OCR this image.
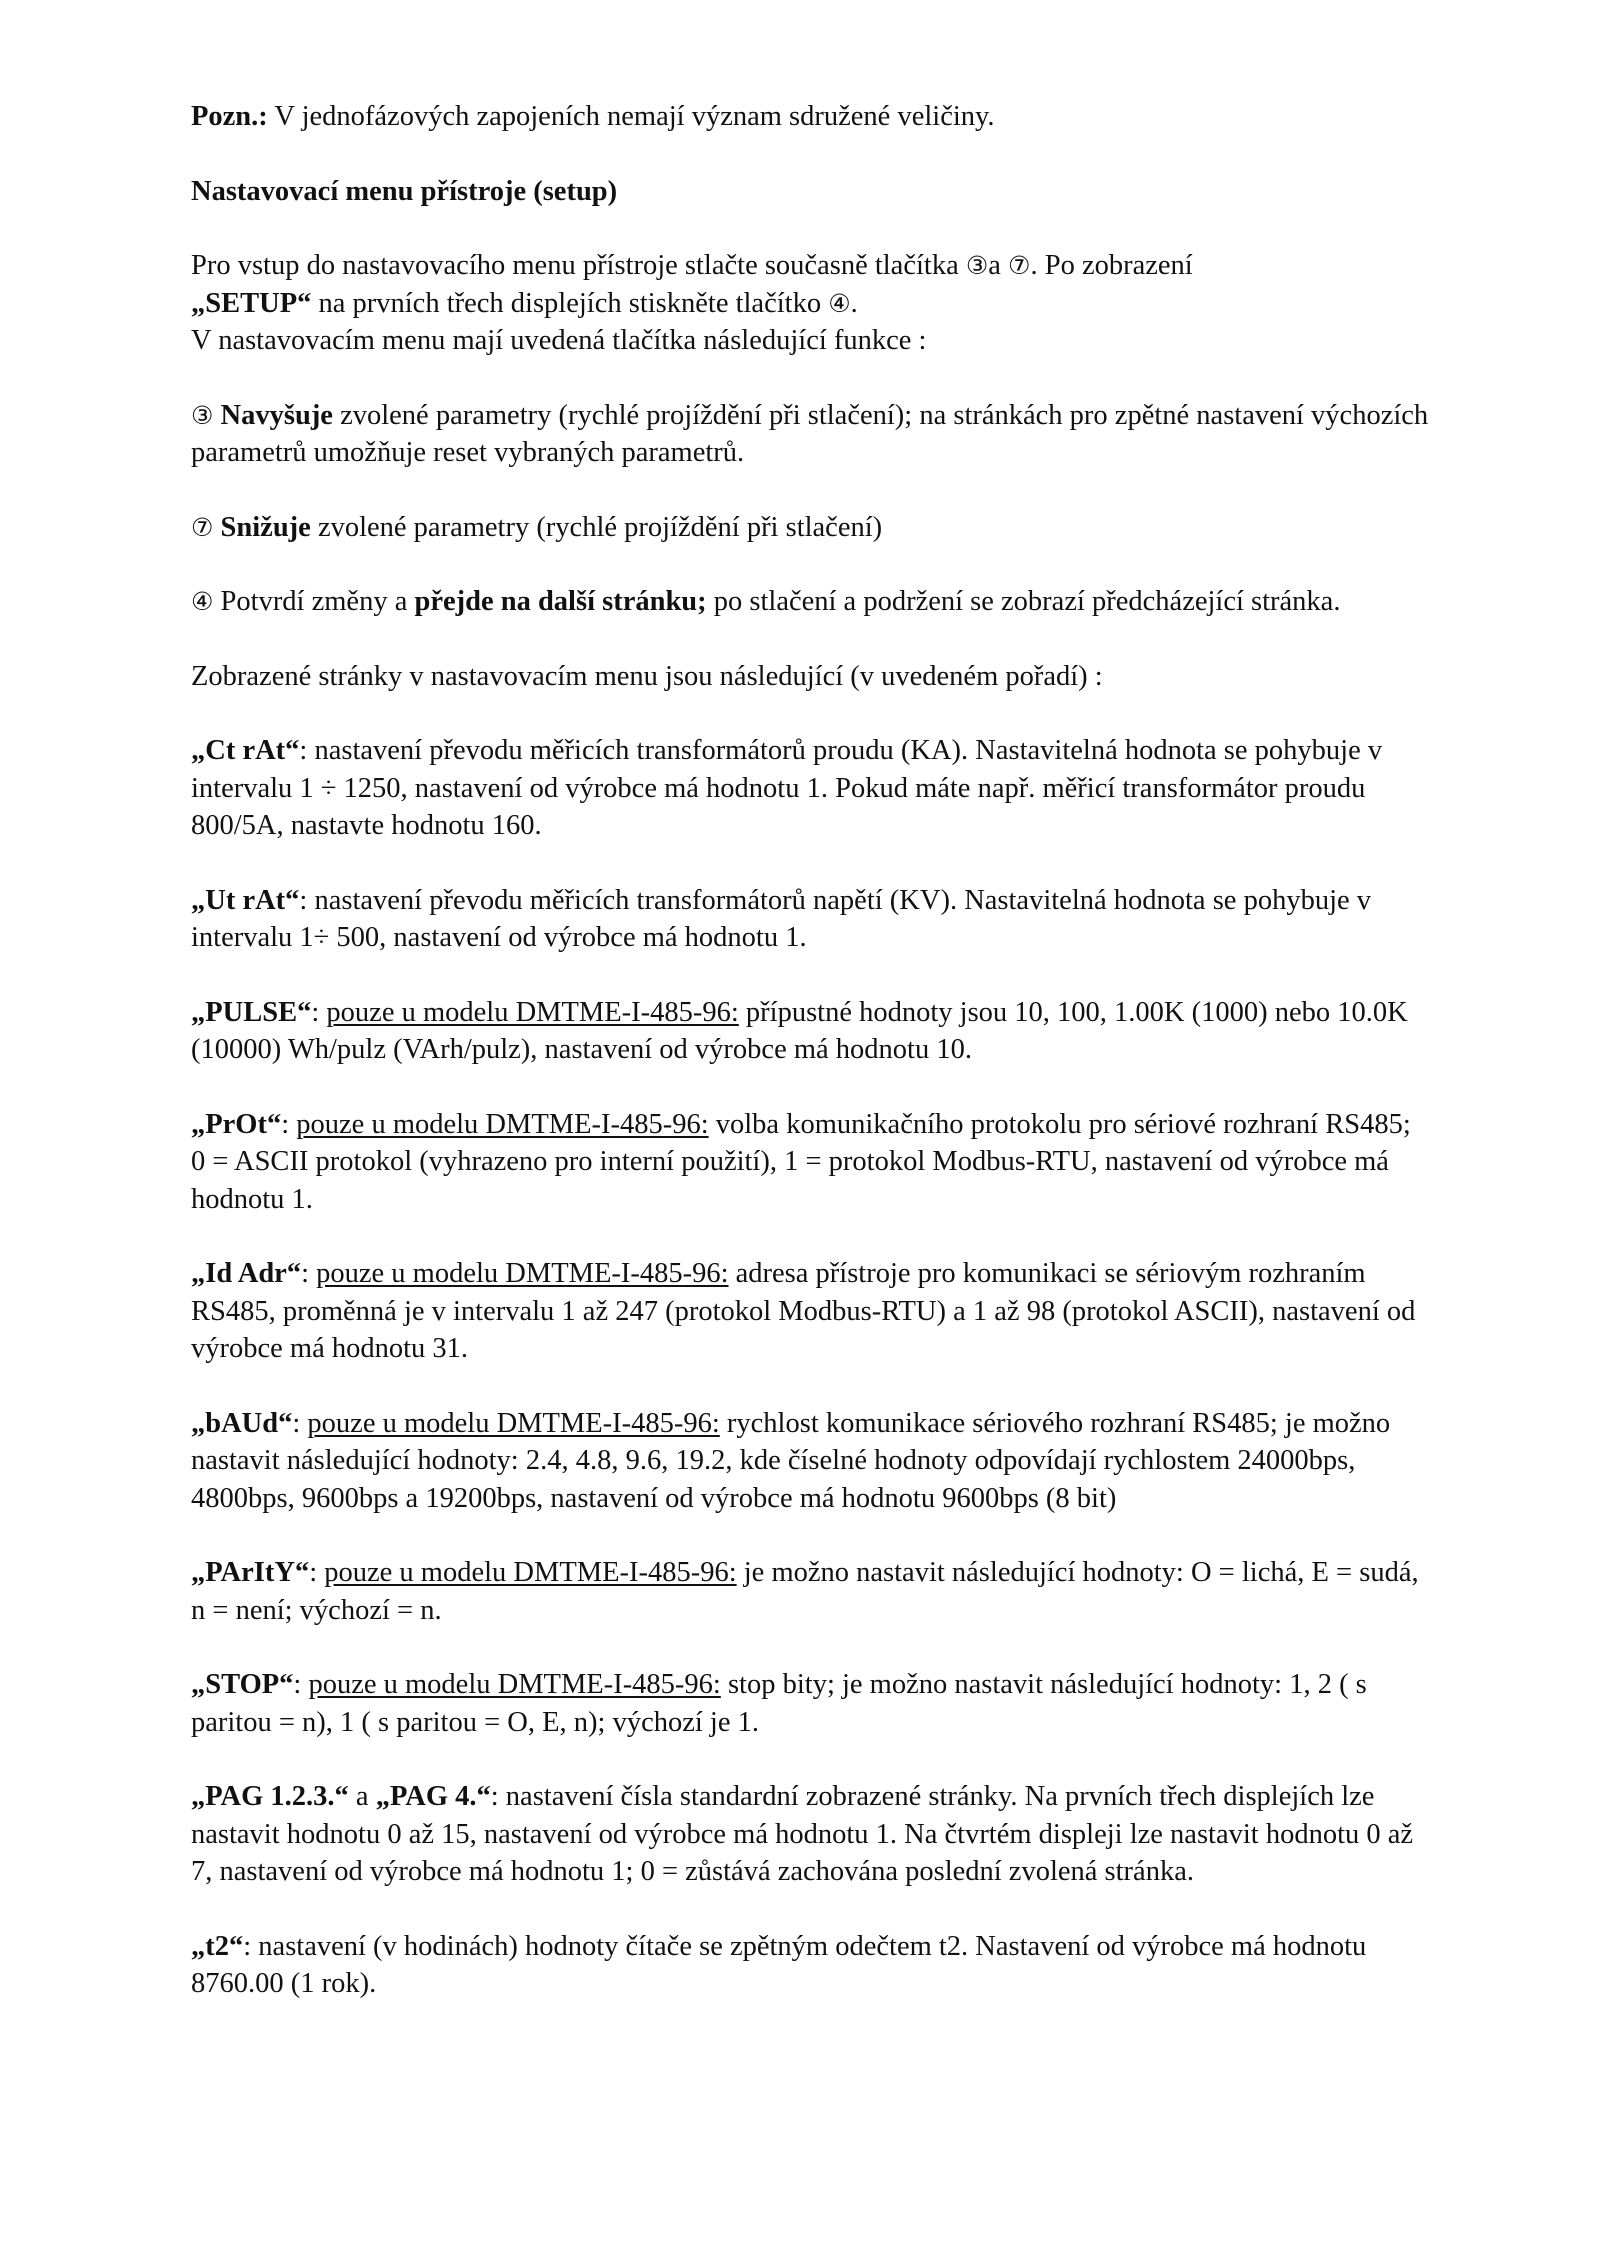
Pozn.: V jednofázových zapojeních nemají význam sdružené veličiny.

Nastavovací menu přístroje (setup)

Pro vstup do nastavovacího menu přístroje stlačte současně tlačítka ③a ⑦. Po zobrazení
„SETUP“ na prvních třech displejích stiskněte tlačítko ④.
V nastavovacím menu mají uvedená tlačítka následující funkce :

③ Navyšuje zvolené parametry (rychlé projíždění při stlačení); na stránkách pro zpětné nastavení výchozích parametrů umožňuje reset vybraných parametrů.

⑦ Snižuje zvolené parametry (rychlé projíždění při stlačení)

④ Potvrdí změny a přejde na další stránku; po stlačení a podržení se zobrazí předcházející stránka.

Zobrazené stránky v nastavovacím menu jsou následující (v uvedeném pořadí) :

„Ct rAt“: nastavení převodu měřicích transformátorů proudu (KA). Nastavitelná hodnota se pohybuje v intervalu 1 ÷ 1250, nastavení od výrobce má hodnotu 1. Pokud máte např. měřicí transformátor proudu 800/5A, nastavte hodnotu 160.

„Ut rAt“: nastavení převodu měřicích transformátorů napětí (KV). Nastavitelná hodnota se pohybuje v intervalu 1÷ 500, nastavení od výrobce má hodnotu 1.

„PULSE“: pouze u modelu DMTME-I-485-96: přípustné hodnoty jsou 10, 100, 1.00K (1000) nebo 10.0K (10000) Wh/pulz (VArh/pulz), nastavení od výrobce má hodnotu 10.

„PrOt“: pouze u modelu DMTME-I-485-96: volba komunikačního protokolu pro sériové rozhraní RS485; 0 = ASCII protokol (vyhrazeno pro interní použití), 1 = protokol Modbus-RTU, nastavení od výrobce má hodnotu 1.

„Id Adr“: pouze u modelu DMTME-I-485-96: adresa přístroje pro komunikaci se sériovým rozhraním RS485, proměnná je v intervalu 1 až 247 (protokol Modbus-RTU) a 1 až 98 (protokol ASCII), nastavení od výrobce má hodnotu 31.

„bAUd“: pouze u modelu DMTME-I-485-96: rychlost komunikace sériového rozhraní RS485; je možno nastavit následující hodnoty: 2.4, 4.8, 9.6, 19.2, kde číselné hodnoty odpovídají rychlostem 24000bps, 4800bps, 9600bps a 19200bps, nastavení od výrobce má hodnotu 9600bps (8 bit)

„PArItY“: pouze u modelu DMTME-I-485-96: je možno nastavit následující hodnoty: O = lichá, E = sudá, n = není; výchozí = n.

„STOP“: pouze u modelu DMTME-I-485-96: stop bity; je možno nastavit následující hodnoty: 1, 2 ( s paritou = n), 1 ( s paritou = O, E, n); výchozí je 1.

„PAG 1.2.3.“ a „PAG 4.“: nastavení čísla standardní zobrazené stránky. Na prvních třech displejích lze nastavit hodnotu 0 až 15, nastavení od výrobce má hodnotu 1. Na čtvrtém displeji lze nastavit hodnotu 0 až 7, nastavení od výrobce má hodnotu 1; 0 = zůstává zachována poslední zvolená stránka.

„t2“: nastavení (v hodinách) hodnoty čítače se zpětným odečtem t2. Nastavení od výrobce má hodnotu 8760.00 (1 rok).
